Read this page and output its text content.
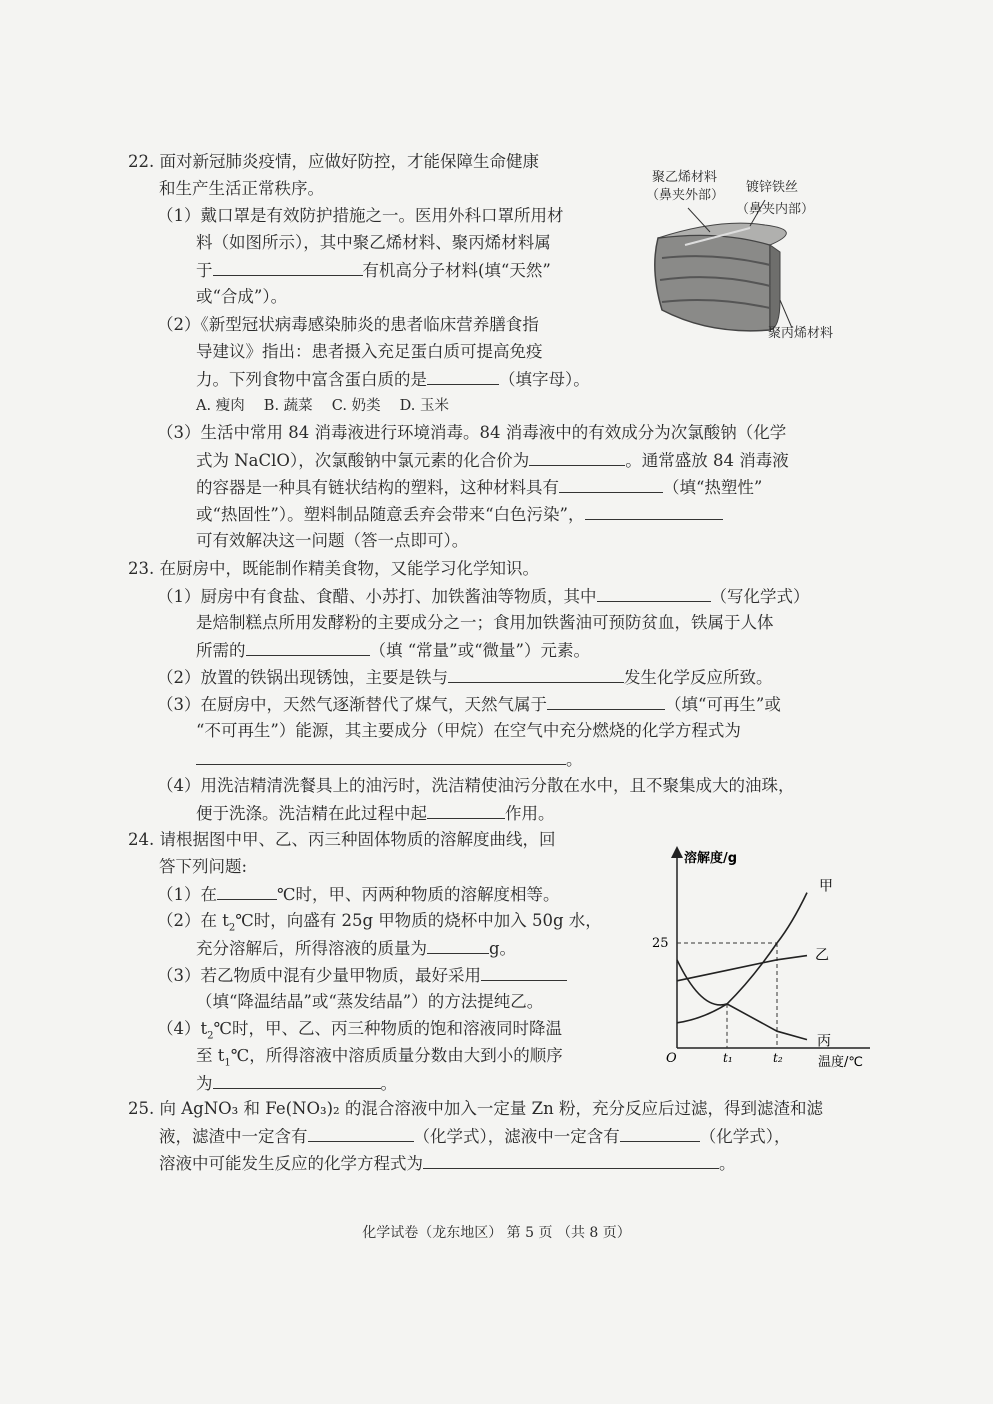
22. 面对新冠肺炎疫情，应做好防控，才能保障生命健康
和生产生活正常秩序。
（1）戴口罩是有效防护措施之一。医用外科口罩所用材
料（如图所示），其中聚乙烯材料、聚丙烯材料属
于	有机高分子材料(填“天然”
或“合成”）。
（2）《新型冠状病毒感染肺炎的患者临床营养膳食指
导建议》指出：患者摄入充足蛋白质可提高免疫
力。下列食物中富含蛋白质的是	（填字母）。
A. 瘦肉　 B. 蔬菜　 C. 奶类　 D. 玉米
（3）生活中常用 84 消毒液进行环境消毒。84 消毒液中的有效成分为次氯酸钠（化学
式为 NaClO），次氯酸钠中氯元素的化合价为	。通常盛放 84 消毒液
的容器是一种具有链状结构的塑料，这种材料具有	（填“热塑性”
或“热固性”）。塑料制品随意丢弃会带来“白色污染”，
可有效解决这一问题（答一点即可）。
聚乙烯材料
（鼻夹外部）
镀锌铁丝
（鼻夹内部）
聚丙烯材料
23. 在厨房中，既能制作精美食物，又能学习化学知识。
（1）厨房中有食盐、食醋、小苏打、加铁酱油等物质，其中	（写化学式）
是焙制糕点所用发酵粉的主要成分之一；食用加铁酱油可预防贫血，铁属于人体
所需的	（填 “常量”或“微量”）元素。
（2）放置的铁锅出现锈蚀，主要是铁与	发生化学反应所致。
（3）在厨房中，天然气逐渐替代了煤气，天然气属于	（填“可再生”或
“不可再生”）能源，其主要成分（甲烷）在空气中充分燃烧的化学方程式为
。
（4）用洗洁精清洗餐具上的油污时，洗洁精使油污分散在水中，且不聚集成大的油珠，
便于洗涤。洗洁精在此过程中起	作用。
24. 请根据图中甲、乙、丙三种固体物质的溶解度曲线，回
答下列问题:
（1）在	℃时，甲、丙两种物质的溶解度相等。
（2）在 $t_2℃$时，向盛有 25g 甲物质的烧杯中加入 50g 水，
充分溶解后，所得溶液的质量为	g。
（3）若乙物质中混有少量甲物质，最好采用
（填“降温结晶”或“蒸发结晶”）的方法提纯乙。
$(4)t_2℃$时，甲、乙、丙三种物质的饱和溶液同时降温
至 $t_1℃$，所得溶液中溶质质量分数由大到小的顺序
为	。
甲
乙
丙
溶解度/g
温度/℃
O
25
t₁	t₂
25. 向 AgNO₃ 和 Fe(NO₃)₂ 的混合溶液中加入一定量 Zn 粉，充分反应后过滤，得到滤渣和滤
液，滤渣中一定含有	（化学式），滤液中一定含有	（化学式），
溶液中可能发生反应的化学方程式为	。
化学试卷（龙东地区） 第 5 页 （共 8 页）
